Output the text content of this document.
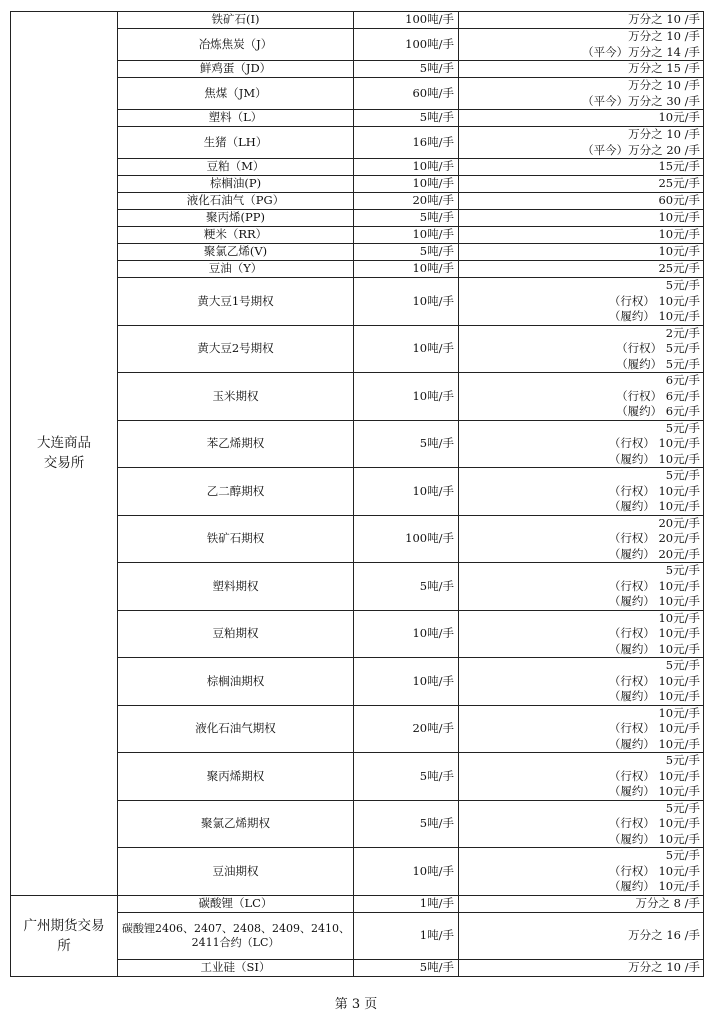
大连商品
交易所	铁矿石(I)	100吨/手	万分之 10 /手

	冶炼焦炭（J）	100吨/手	万分之 10 /手
（平今）万分之 14 /手

	鲜鸡蛋（JD）	5吨/手	万分之 15 /手

	焦煤（JM）	60吨/手	万分之 10 /手
（平今）万分之 30 /手

	塑料（L）	5吨/手	10元/手

	生猪（LH）	16吨/手	万分之 10 /手
（平今）万分之 20 /手

	豆粕（M）	10吨/手	15元/手

	棕榈油(P)	10吨/手	25元/手

	液化石油气（PG）	20吨/手	60元/手

	聚丙烯(PP)	5吨/手	10元/手

	粳米（RR）	10吨/手	10元/手

	聚氯乙烯(V)	5吨/手	10元/手

	豆油（Y）	10吨/手	25元/手

	黄大豆1号期权	10吨/手	5元/手
（行权） 10元/手
（履约） 10元/手

	黄大豆2号期权	10吨/手	2元/手
（行权） 5元/手
（履约） 5元/手

	玉米期权	10吨/手	6元/手
（行权） 6元/手
（履约） 6元/手

	苯乙烯期权	5吨/手	5元/手
（行权） 10元/手
（履约） 10元/手

	乙二醇期权	10吨/手	5元/手
（行权） 10元/手
（履约） 10元/手

	铁矿石期权	100吨/手	20元/手
（行权） 20元/手
（履约） 20元/手

	塑料期权	5吨/手	5元/手
（行权） 10元/手
（履约） 10元/手

	豆粕期权	10吨/手	10元/手
（行权） 10元/手
（履约） 10元/手

	棕榈油期权	10吨/手	5元/手
（行权） 10元/手
（履约） 10元/手

	液化石油气期权	20吨/手	10元/手
（行权） 10元/手
（履约） 10元/手

	聚丙烯期权	5吨/手	5元/手
（行权） 10元/手
（履约） 10元/手

	聚氯乙烯期权	5吨/手	5元/手
（行权） 10元/手
（履约） 10元/手

	豆油期权	10吨/手	5元/手
（行权） 10元/手
（履约） 10元/手

广州期货交易
所	碳酸锂（LC）	1吨/手	万分之 8 /手

	碳酸锂2406、2407、2408、2409、2410、
2411合约（LC）	1吨/手	万分之 16 /手

	工业硅（SI）	5吨/手	万分之 10 /手
第 3 页
